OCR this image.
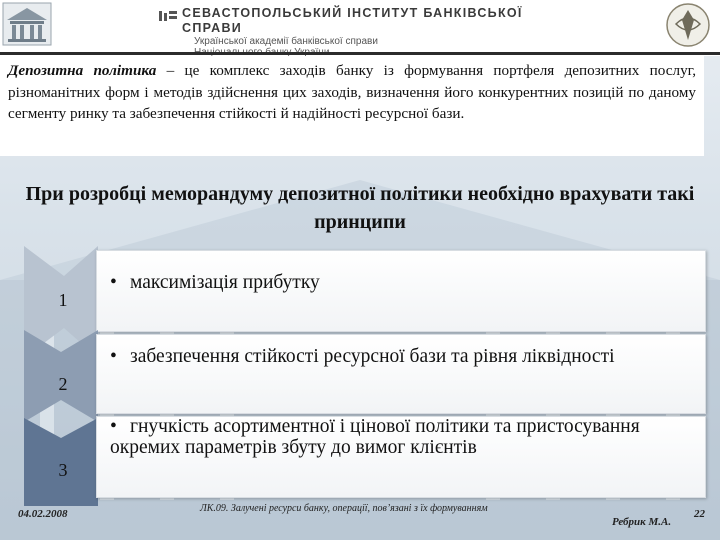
СЕВАСТОПОЛЬСЬКИЙ ІНСТИТУТ БАНКІВСЬКОЇ СПРАВИ
Української академії банківської справи
Депозитна політика – це комплекс заходів банку із формування портфеля депозитних послуг, різноманітних форм і методів здійснення цих заходів, визначення його конкурентних позицій по даному сегменту ринку та забезпечення стійкості й надійності ресурсної бази.
При розробці меморандуму депозитної політики необхідно врахувати такі принципи
1
• максимізація прибутку
2
• забезпечення стійкості ресурсної бази та рівня ліквідності
3
• гнучкість асортиментної і цінової політики та пристосування окремих параметрів збуту до вимог клієнтів
04.02.2008	ЛК.09. Залучені ресурси банку, операції, пов’язані з їх формуванням
Ребрик М.А.
22
